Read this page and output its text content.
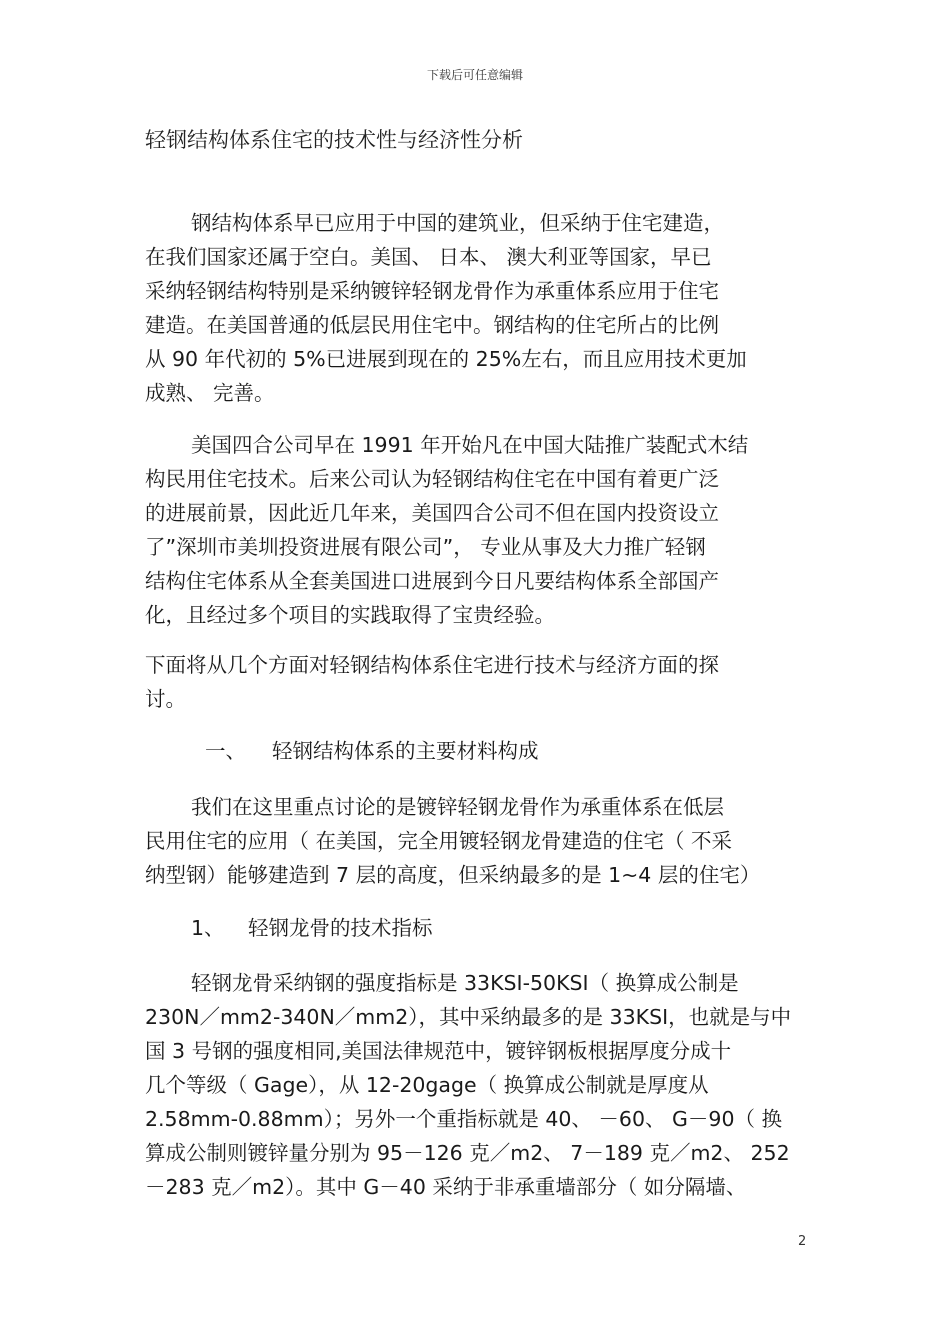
下载后可任意编辑
轻钢结构体系住宅的技术性与经济性分析
钢结构体系早已应用于中国的建筑业，但采纳于住宅建造，
在我们国家还属于空白。美国、 日本、 澳大利亚等国家，早已
采纳轻钢结构特别是采纳镀锌轻钢龙骨作为承重体系应用于住宅
建造。在美国普通的低层民用住宅中。钢结构的住宅所占的比例
从 90 年代初的 5%已进展到现在的 25%左右，而且应用技术更加
成熟、 完善。
美国四合公司早在 1991 年开始凡在中国大陆推广装配式木结
构民用住宅技术。后来公司认为轻钢结构住宅在中国有着更广泛
的进展前景，因此近几年来，美国四合公司不但在国内投资设立
了”深圳市美圳投资进展有限公司”， 专业从事及大力推广轻钢
结构住宅体系从全套美国进口进展到今日凡要结构体系全部国产
化，且经过多个项目的实践取得了宝贵经验。
下面将从几个方面对轻钢结构体系住宅进行技术与经济方面的探
讨。
一、 轻钢结构体系的主要材料构成
我们在这里重点讨论的是镀锌轻钢龙骨作为承重体系在低层
民用住宅的应用（ 在美国，完全用镀轻钢龙骨建造的住宅（ 不采
纳型钢）能够建造到 7 层的高度，但采纳最多的是 1~4 层的住宅）
1、 轻钢龙骨的技术指标
轻钢龙骨采纳钢的强度指标是 33KSI-50KSI（ 换算成公制是
230N／mm2-340N／mm2），其中采纳最多的是 33KSI，也就是与中
国 3 号钢的强度相同,美国法律规范中，镀锌钢板根据厚度分成十
几个等级（ Gage），从 12-20gage（ 换算成公制就是厚度从
2.58mm-0.88mm）；另外一个重指标就是 40、 －60、 G－90（ 换
算成公制则镀锌量分别为 95－126 克／m2、 7－189 克／m2、 252
－283 克／m2）。其中 G－40 采纳于非承重墙部分（ 如分隔墙、
2
